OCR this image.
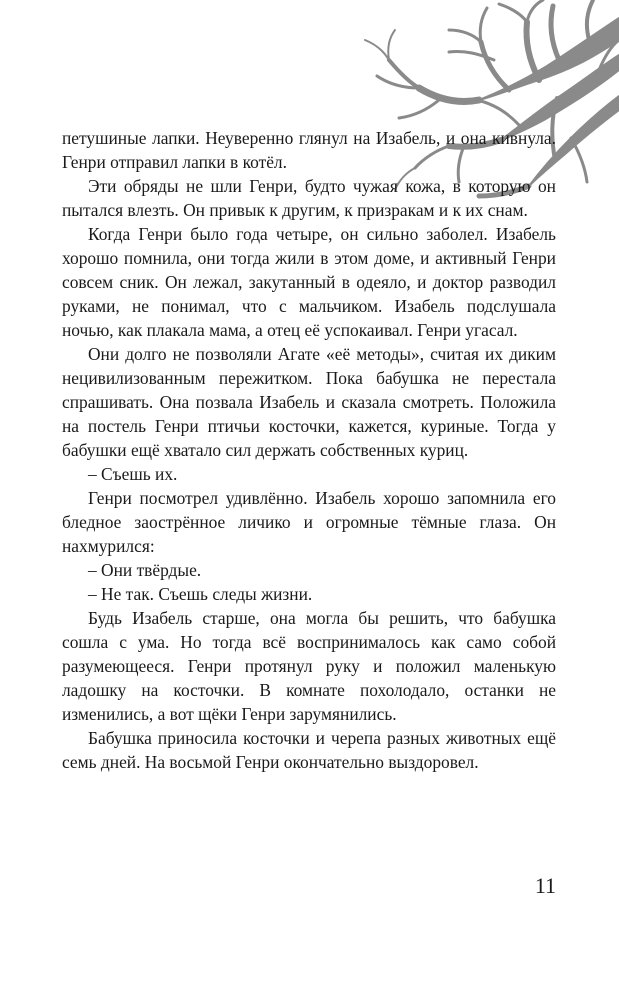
петушиные лапки. Неуверенно глянул на Изабель, и она кивнула. Генри отправил лапки в котёл.

Эти обряды не шли Генри, будто чужая кожа, в которую он пытался влезть. Он привык к другим, к призракам и к их снам.

Когда Генри было года четыре, он сильно заболел. Изабель хорошо помнила, они тогда жили в этом доме, и активный Генри совсем сник. Он лежал, закутанный в одеяло, и доктор разводил руками, не понимал, что с мальчиком. Изабель подслушала ночью, как плакала мама, а отец её успокаивал. Генри угасал.

Они долго не позволяли Агате «её методы», считая их диким нецивилизованным пережитком. Пока бабушка не перестала спрашивать. Она позвала Изабель и сказала смотреть. Положила на постель Генри птичьи косточки, кажется, куриные. Тогда у бабушки ещё хватало сил держать собственных куриц.

– Съешь их.

Генри посмотрел удивлённо. Изабель хорошо запомнила его бледное заострённое личико и огромные тёмные глаза. Он нахмурился:

– Они твёрдые.

– Не так. Съешь следы жизни.

Будь Изабель старше, она могла бы решить, что бабушка сошла с ума. Но тогда всё воспринималось как само собой разумеющееся. Генри протянул руку и положил маленькую ладошку на косточки. В комнате похолодало, останки не изменились, а вот щёки Генри зарумянились.

Бабушка приносила косточки и черепа разных животных ещё семь дней. На восьмой Генри окончательно выздоровел.

11
